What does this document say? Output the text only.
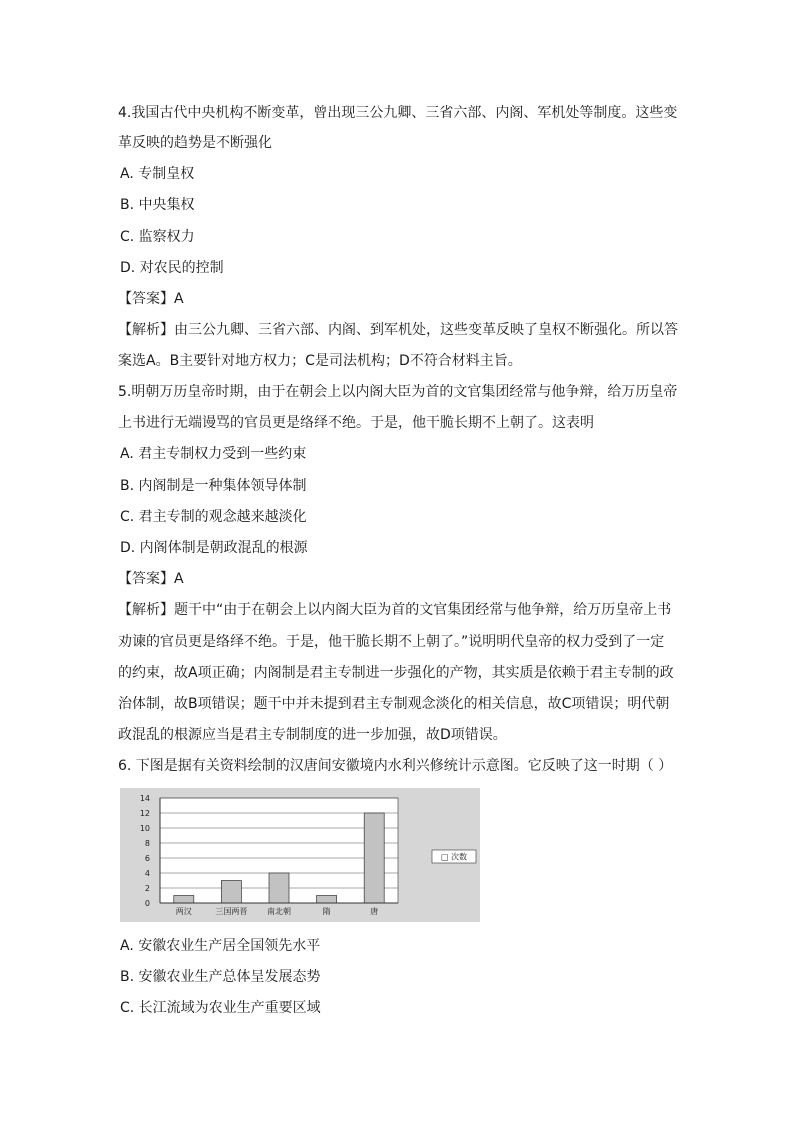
4.我国古代中央机构不断变革，曾出现三公九卿、三省六部、内阁、军机处等制度。这些变
革反映的趋势是不断强化
A. 专制皇权
B. 中央集权
C. 监察权力
D. 对农民的控制
【答案】A
【解析】由三公九卿、三省六部、内阁、到军机处，这些变革反映了皇权不断强化。所以答
案选A。B主要针对地方权力；C是司法机构；D不符合材料主旨。
5.明朝万历皇帝时期，由于在朝会上以内阁大臣为首的文官集团经常与他争辩，给万历皇帝
上书进行无端谩骂的官员更是络绎不绝。于是，他干脆长期不上朝了。这表明
A. 君主专制权力受到一些约束
B. 内阁制是一种集体领导体制
C. 君主专制的观念越来越淡化
D. 内阁体制是朝政混乱的根源
【答案】A
【解析】题干中“由于在朝会上以内阁大臣为首的文官集团经常与他争辩，给万历皇帝上书
劝谏的官员更是络绎不绝。于是，他干脆长期不上朝了。”说明明代皇帝的权力受到了一定
的约束，故A项正确；内阁制是君主专制进一步强化的产物，其实质是依赖于君主专制的政
治体制，故B项错误；题干中并未提到君主专制观念淡化的相关信息，故C项错误；明代朝
政混乱的根源应当是君主专制制度的进一步加强，故D项错误。
6. 下图是据有关资料绘制的汉唐间安徽境内水利兴修统计示意图。它反映了这一时期（ ）
0
2
4
6
8
10
12
14
两汉	三国两晋 南北朝	隋	唐
□ 次数
A. 安徽农业生产居全国领先水平
B. 安徽农业生产总体呈发展态势
C. 长江流域为农业生产重要区域
